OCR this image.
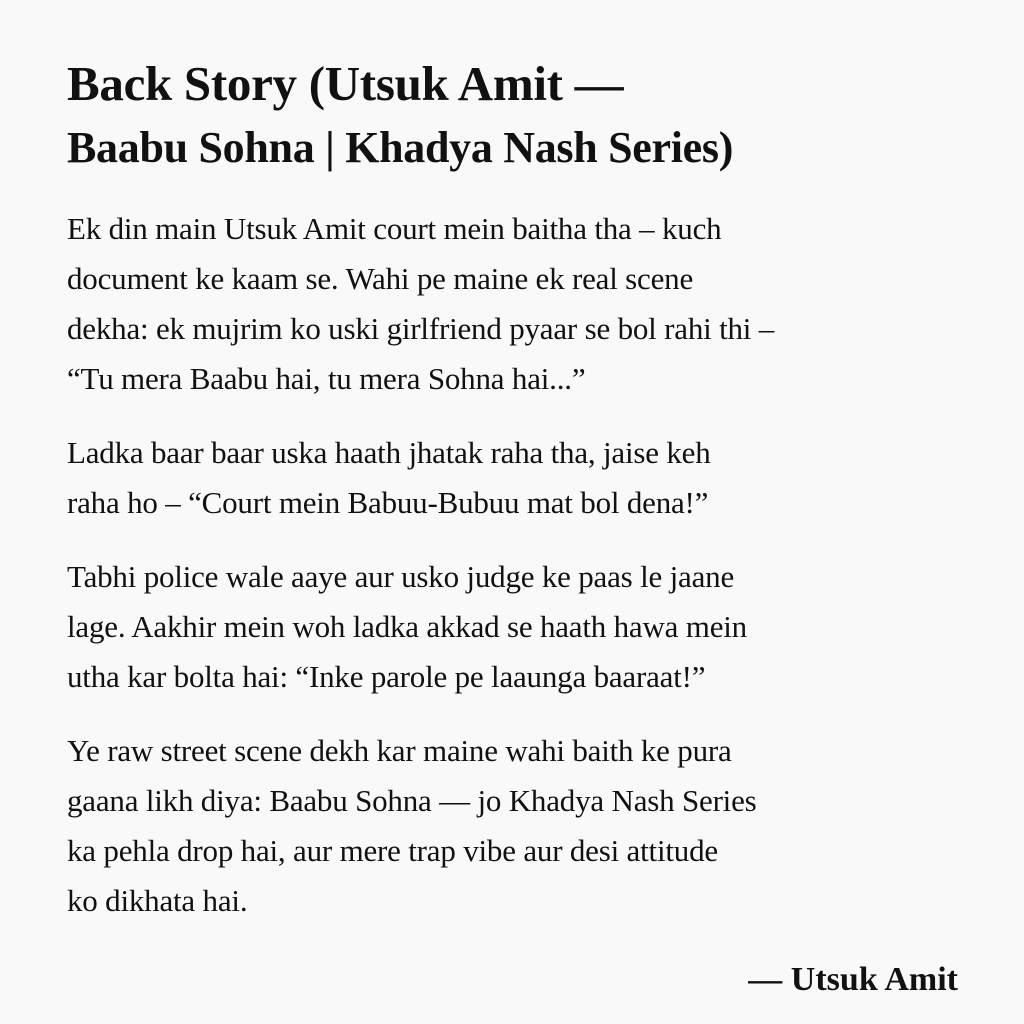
Back Story (Utsuk Amit —
Baabu Sohna | Khadya Nash Series)

Ek din main Utsuk Amit court mein baitha tha – kuch
document ke kaam se. Wahi pe maine ek real scene
dekha: ek mujrim ko uski girlfriend pyaar se bol rahi thi –
“Tu mera Baabu hai, tu mera Sohna hai...”

Ladka baar baar uska haath jhatak raha tha, jaise keh
raha ho – “Court mein Babuu-Bubuu mat bol dena!”

Tabhi police wale aaye aur usko judge ke paas le jaane
lage. Aakhir mein woh ladka akkad se haath hawa mein
utha kar bolta hai: “Inke parole pe laaunga baaraat!”

Ye raw street scene dekh kar maine wahi baith ke pura
gaana likh diya: Baabu Sohna — jo Khadya Nash Series
ka pehla drop hai, aur mere trap vibe aur desi attitude
ko dikhata hai.

— Utsuk Amit
